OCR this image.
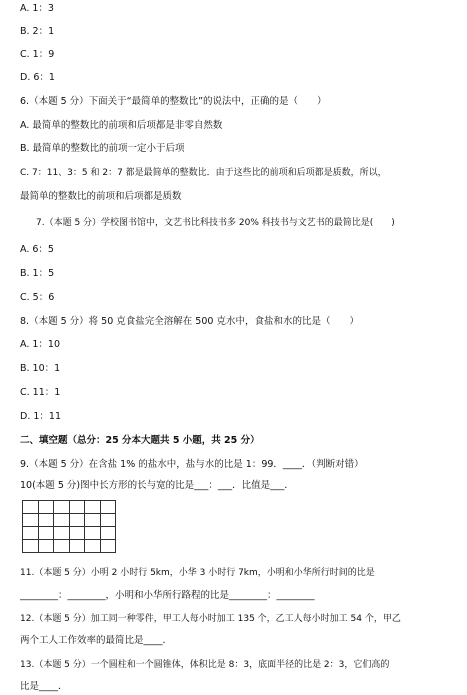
A. 1：3
B. 2：1
C. 1：9
D. 6：1
6.（本题 5 分）下面关于“最简单的整数比”的说法中，正确的是（　　）
A. 最简单的整数比的前项和后项都是非零自然数
B. 最简单的整数比的前项一定小于后项
C. 7：11、3：5 和 2：7 都是最简单的整数比．由于这些比的前项和后项都是质数，所以，
最简单的整数比的前项和后项都是质数
7.（本题 5 分）学校图书馆中，文艺书比科技书多 20% 科技书与文艺书的最简比是(　　)
A. 6：5
B. 1：5
C. 5：6
8.（本题 5 分）将 50 克食盐完全溶解在 500 克水中，食盐和水的比是（　　）
A. 1：10
B. 10：1
C. 11：1
D. 1：11
二、填空题（总分：25 分本大题共 5 小题，共 25 分）
9.（本题 5 分）在含盐 1% 的盐水中，盐与水的比是 1：99．____．（判断对错）
10(本题 5 分)图中长方形的长与宽的比是___：___．比值是___．

11.（本题 5 分）小明 2 小时行 5km，小华 3 小时行 7km，小明和小华所行时间的比是
________：________，小明和小华所行路程的比是________：________
12.（本题 5 分）加工同一种零件，甲工人每小时加工 135 个，乙工人每小时加工 54 个，甲乙
两个工人工作效率的最简比是____．
13.（本题 5 分）一个圆柱和一个圆锥体，体积比是 8：3，底面半径的比是 2：3，它们高的
比是____．
